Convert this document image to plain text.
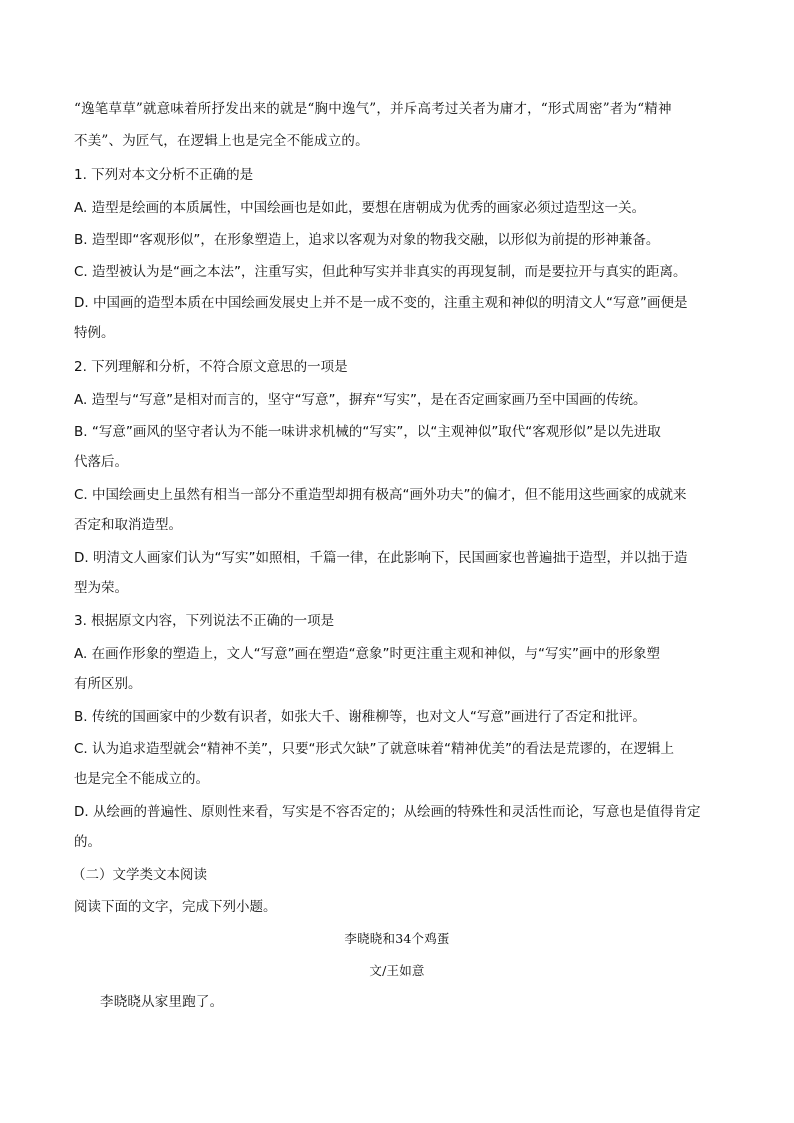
“逸笔草草”就意味着所抒发出来的就是“胸中逸气”，并斥高考过关者为庸才，“形式周密”者为“精神
不美”、为匠气，在逻辑上也是完全不能成立的。
1. 下列对本文分析不正确的是
A. 造型是绘画的本质属性，中国绘画也是如此，要想在唐朝成为优秀的画家必须过造型这一关。
B. 造型即“客观形似”，在形象塑造上，追求以客观为对象的物我交融，以形似为前提的形神兼备。
C. 造型被认为是“画之本法”，注重写实，但此种写实并非真实的再现复制，而是要拉开与真实的距离。
D. 中国画的造型本质在中国绘画发展史上并不是一成不变的，注重主观和神似的明清文人“写意”画便是
特例。
2. 下列理解和分析，不符合原文意思的一项是
A. 造型与“写意”是相对而言的，坚守“写意”，摒弃“写实”，是在否定画家画乃至中国画的传统。
B. “写意”画风的坚守者认为不能一味讲求机械的“写实”，以“主观神似”取代“客观形似”是以先进取
代落后。
C. 中国绘画史上虽然有相当一部分不重造型却拥有极高“画外功夫”的偏才，但不能用这些画家的成就来
否定和取消造型。
D. 明清文人画家们认为“写实”如照相，千篇一律，在此影响下，民国画家也普遍拙于造型，并以拙于造
型为荣。
3. 根据原文内容，下列说法不正确的一项是
A. 在画作形象的塑造上，文人“写意”画在塑造“意象”时更注重主观和神似，与“写实”画中的形象塑
有所区别。
B. 传统的国画家中的少数有识者，如张大千、谢稚柳等，也对文人“写意”画进行了否定和批评。
C. 认为追求造型就会“精神不美”，只要“形式欠缺”了就意味着“精神优美”的看法是荒谬的，在逻辑上
也是完全不能成立的。
D. 从绘画的普遍性、原则性来看，写实是不容否定的；从绘画的特殊性和灵活性而论，写意也是值得肯定
的。
（二）文学类文本阅读
阅读下面的文字，完成下列小题。
李晓晓和34个鸡蛋
文/王如意
李晓晓从家里跑了。
